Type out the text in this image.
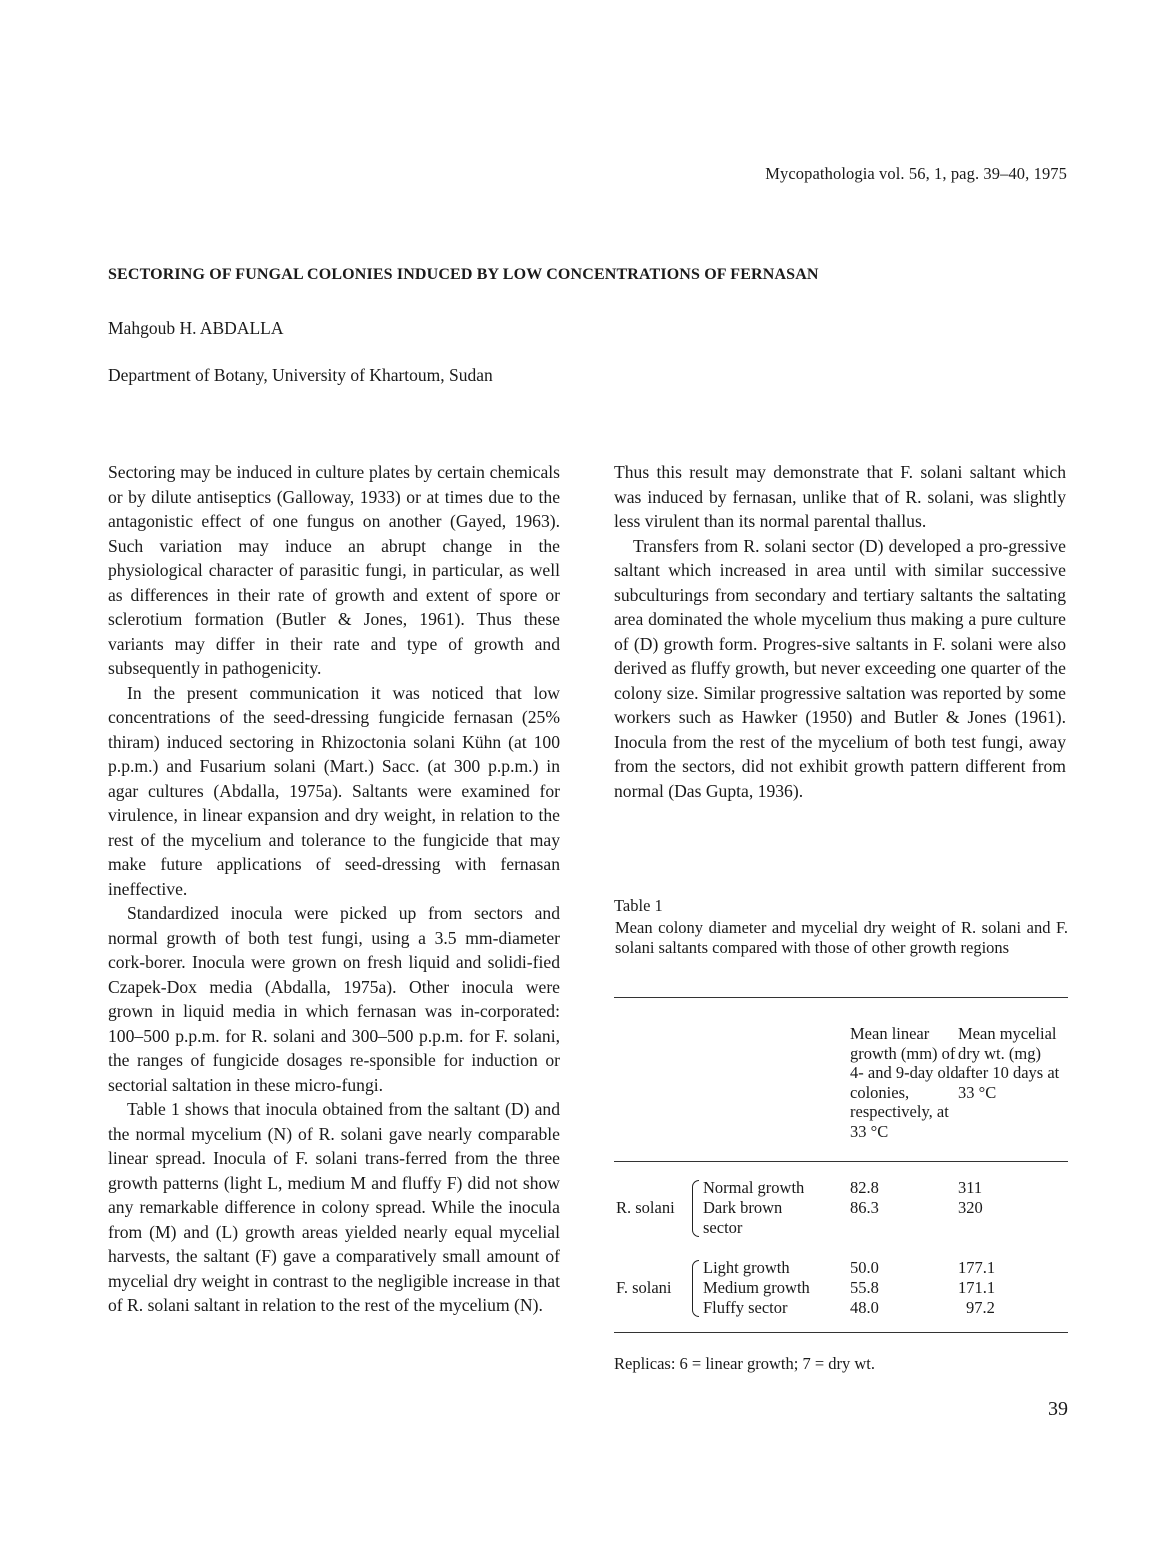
Mycopathologia vol. 56, 1, pag. 39–40, 1975
SECTORING OF FUNGAL COLONIES INDUCED BY LOW CONCENTRATIONS OF FERNASAN
Mahgoub H. ABDALLA
Department of Botany, University of Khartoum, Sudan

Sectoring may be induced in culture plates by certain chemicals or by dilute antiseptics (Galloway, 1933) or at times due to the antagonistic effect of one fungus on another (Gayed, 1963). Such variation may induce an abrupt change in the physiological character of parasitic fungi, in particular, as well as differences in their rate of growth and extent of spore or sclerotium formation (Butler & Jones, 1961). Thus these variants may differ in their rate and type of growth and subsequently in pathogenicity.

In the present communication it was noticed that low concentrations of the seed-dressing fungicide fernasan (25% thiram) induced sectoring in Rhizoctonia solani Kühn (at 100 p.p.m.) and Fusarium solani (Mart.) Sacc. (at 300 p.p.m.) in agar cultures (Abdalla, 1975a). Saltants were examined for virulence, in linear expansion and dry weight, in relation to the rest of the mycelium and tolerance to the fungicide that may make future applications of seed-dressing with fernasan ineffective.

Standardized inocula were picked up from sectors and normal growth of both test fungi, using a 3.5 mm-diameter cork-borer. Inocula were grown on fresh liquid and solidi-fied Czapek-Dox media (Abdalla, 1975a). Other inocula were grown in liquid media in which fernasan was in-corporated: 100–500 p.p.m. for R. solani and 300–500 p.p.m. for F. solani, the ranges of fungicide dosages re-sponsible for induction or sectorial saltation in these micro-fungi.

Table 1 shows that inocula obtained from the saltant (D) and the normal mycelium (N) of R. solani gave nearly comparable linear spread. Inocula of F. solani trans-ferred from the three growth patterns (light L, medium M and fluffy F) did not show any remarkable difference in colony spread. While the inocula from (M) and (L) growth areas yielded nearly equal mycelial harvests, the saltant (F) gave a comparatively small amount of mycelial dry weight in contrast to the negligible increase in that of R. solani saltant in relation to the rest of the mycelium (N).

Thus this result may demonstrate that F. solani saltant which was induced by fernasan, unlike that of R. solani, was slightly less virulent than its normal parental thallus.

Transfers from R. solani sector (D) developed a pro-gressive saltant which increased in area until with similar successive subculturings from secondary and tertiary saltants the saltating area dominated the whole mycelium thus making a pure culture of (D) growth form. Progres-sive saltants in F. solani were also derived as fluffy growth, but never exceeding one quarter of the colony size. Similar progressive saltation was reported by some workers such as Hawker (1950) and Butler & Jones (1961). Inocula from the rest of the mycelium of both test fungi, away from the sectors, did not exhibit growth pattern different from normal (Das Gupta, 1936).

Table 1
Mean colony diameter and mycelial dry weight of R. solani and F. solani saltants compared with those of other growth regions
Mean linear growth (mm) of 4- and 9-day old colonies, respectively, at 33 °C
Mean mycelial dry wt. (mg) after 10 days at 33 °C
R. solani
Normal growth	82.8	311
Dark brown	86.3	320
sector
F. solani
Light growth	50.0	177.1
Medium growth 55.8	171.1
Fluffy sector	48.0	97.2
Replicas: 6 = linear growth; 7 = dry wt.
39
